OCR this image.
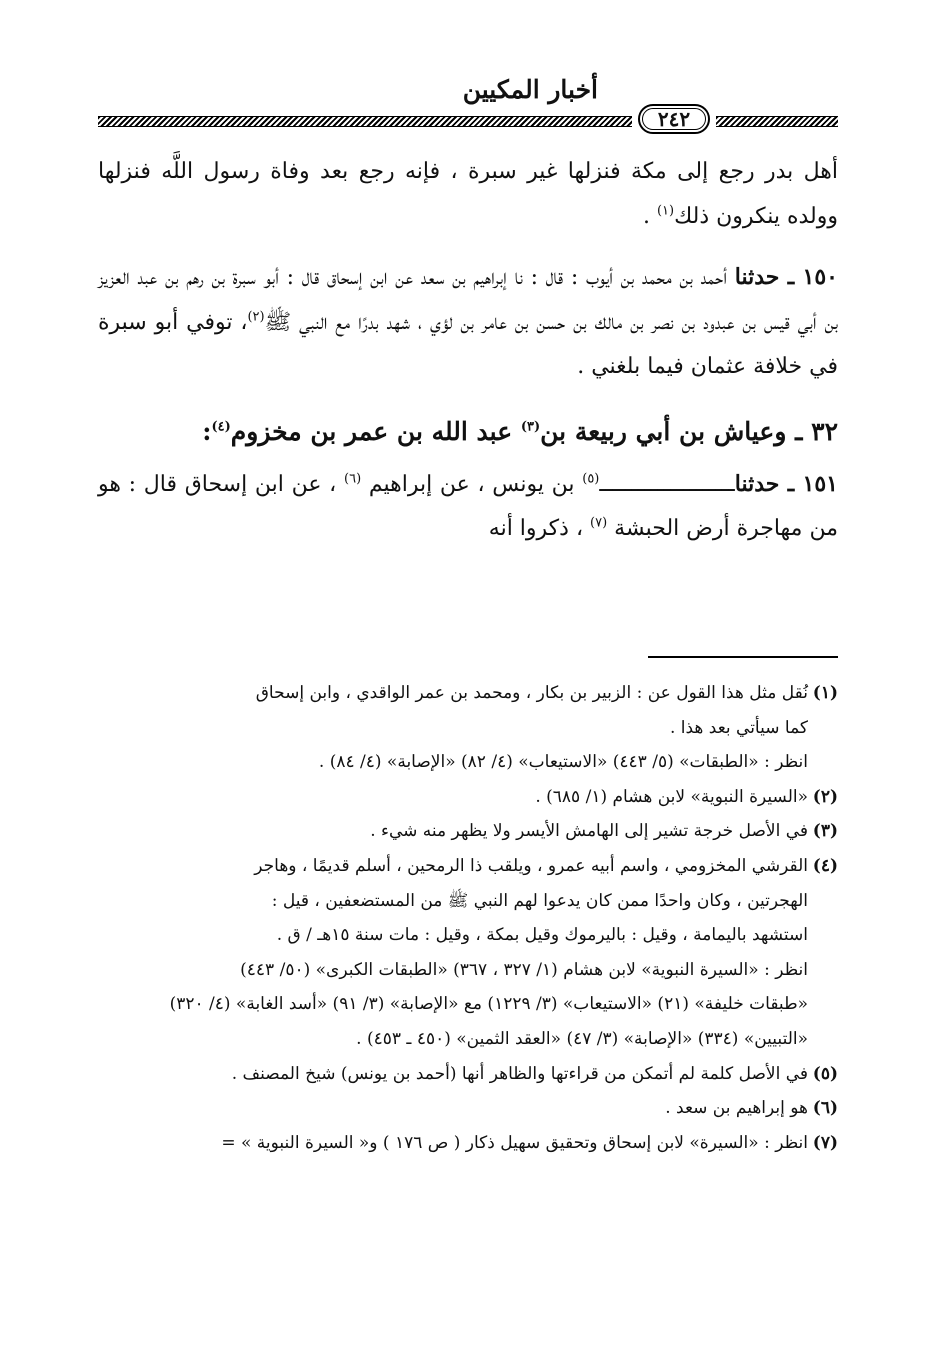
أخبار المكيين
٢٤٢

أهل بدر رجع إلى مكة فنزلها غير سبرة ، فإنه رجع بعد وفاة رسول اللَّه فنزلها وولده ينكرون ذلك$^{(١)}$ .

١٥٠ ـ حدثنا أحمد بن محمد بن أيوب : قال : نا إبراهيم بن سعد عن ابن إسحاق قال : أبو سبرة بن رهم بن عبد العزيز بن أبي قيس بن عبدود بن نصر بن مالك بن حسن بن عامر بن لؤي ، شهد بدرًا مع النبي ﷺ$^{(٢)}$، توفي أبو سبرة في خلافة عثمان فيما بلغني .

٣٢ ـ وعياش بن أبي ربيعة بن$^{(٣)}$ عبد الله بن عمر بن مخزوم$^{(٤)}$:

١٥١ ـ حدثناـــــــــــــــــــــ$^{(٥)}$ بن يونس ، عن إبراهيم $^{(٦)}$ ، عن ابن إسحاق قال : هو من مهاجرة أرض الحبشة $^{(٧)}$ ، ذكروا أنه

(١)
نُقل مثل هذا القول عن : الزبير بن بكار ، ومحمد بن عمر الواقدي ، وابن إسحاق
كما سيأتي بعد هذا .
انظر : «الطبقات» (٥/ ٤٤٣) «الاستيعاب» (٤/ ٨٢) «الإصابة» (٤/ ٨٤) .
(٢)
«السيرة النبوية» لابن هشام (١/ ٦٨٥) .
(٣)
في الأصل خرجة تشير إلى الهامش الأيسر ولا يظهر منه شيء .
(٤)
القرشي المخزومي ، واسم أبيه عمرو ، ويلقب ذا الرمحين ، أسلم قديمًا ، وهاجر
الهجرتين ، وكان واحدًا ممن كان يدعوا لهم النبي ﷺ من المستضعفين ، قيل :
استشهد باليمامة ، وقيل : باليرموك وقيل بمكة ، وقيل : مات سنة ١٥هـ / ق .
انظر : «السيرة النبوية» لابن هشام (١/ ٣٢٧ ، ٣٦٧) «الطبقات الكبرى» (٥٠/ ٤٤٣)
«طبقات خليفة» (٢١) «الاستيعاب» (٣/ ١٢٢٩) مع «الإصابة» (٣/ ٩١) «أسد الغابة» (٤/ ٣٢٠)
«التبيين» (٣٣٤) «الإصابة» (٣/ ٤٧) «العقد الثمين» (٤٥٠ ـ ٤٥٣) .
(٥)
في الأصل كلمة لم أتمكن من قراءتها والظاهر أنها (أحمد بن يونس) شيخ المصنف .
(٦)
هو إبراهيم بن سعد .
(٧)
انظر : «السيرة» لابن إسحاق وتحقيق سهيل ذكار ( ص ١٧٦ ) و« السيرة النبوية » =
